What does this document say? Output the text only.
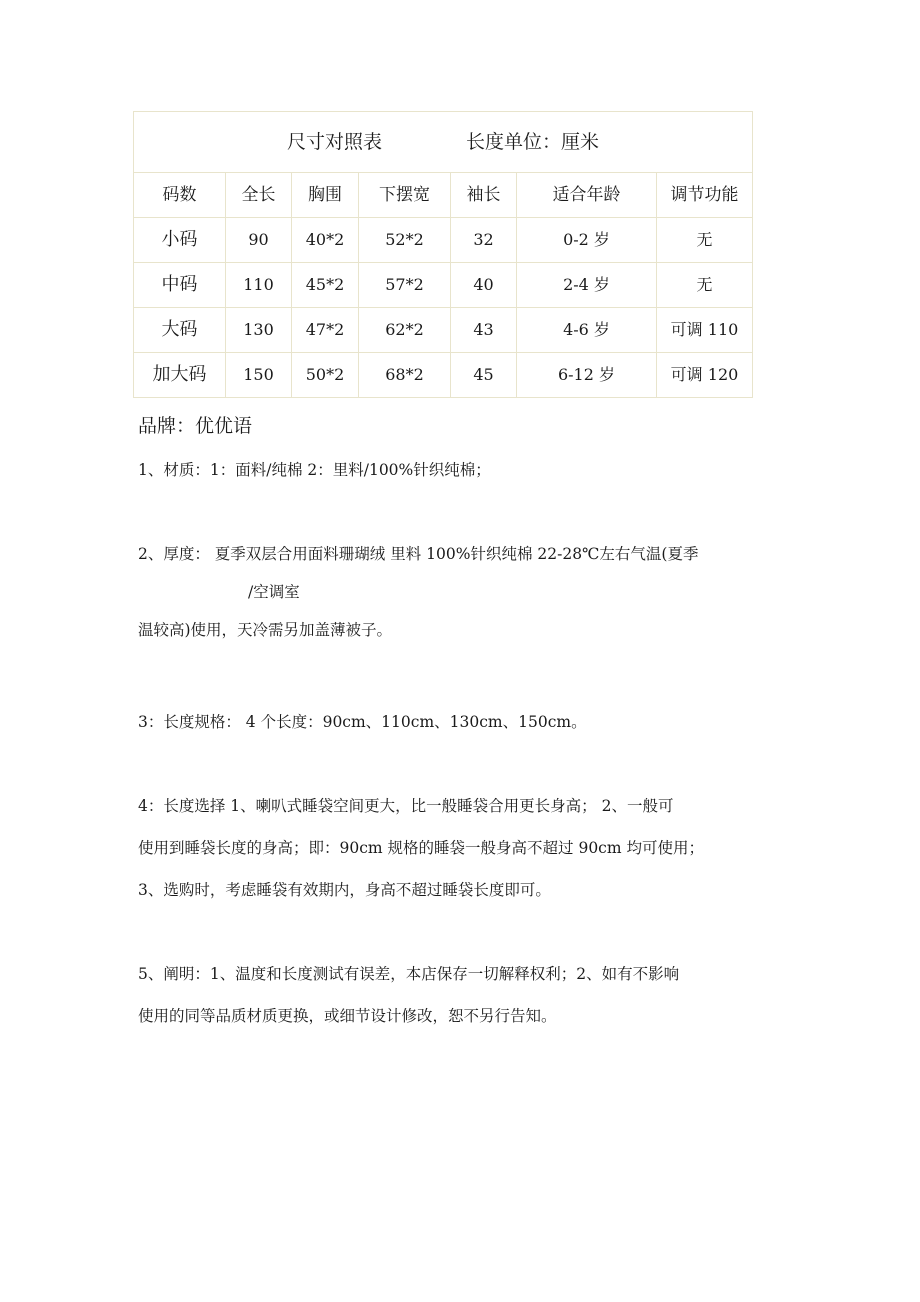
尺寸对照表 长度单位：厘米						
码数	全长	胸围	下摆宽	袖长	适合年龄	调节功能
小码	90	40*2	52*2	32	0-2 岁	无
中码	110	45*2	57*2	40	2-4 岁	无
大码	130	47*2	62*2	43	4-6 岁	可调 110
加大码	150	50*2	68*2	45	6-12 岁	可调 120

品牌：优优语

1、材质：1：面料/纯棉 2：里料/100%针织纯棉；
2、厚度： 夏季双层合用面料珊瑚绒 里料 100%针织纯棉 22-28℃左右气温(夏季
/空调室
温较高)使用，天冷需另加盖薄被子。
3：长度规格： 4 个长度：90cm、110cm、130cm、150cm。
4：长度选择 1、喇叭式睡袋空间更大，比一般睡袋合用更长身高； 2、一般可
使用到睡袋长度的身高；即：90cm 规格的睡袋一般身高不超过 90cm 均可使用；
3、选购时，考虑睡袋有效期内，身高不超过睡袋长度即可。
5、阐明：1、温度和长度测试有误差，本店保存一切解释权利；2、如有不影响
使用的同等品质材质更换，或细节设计修改，恕不另行告知。
